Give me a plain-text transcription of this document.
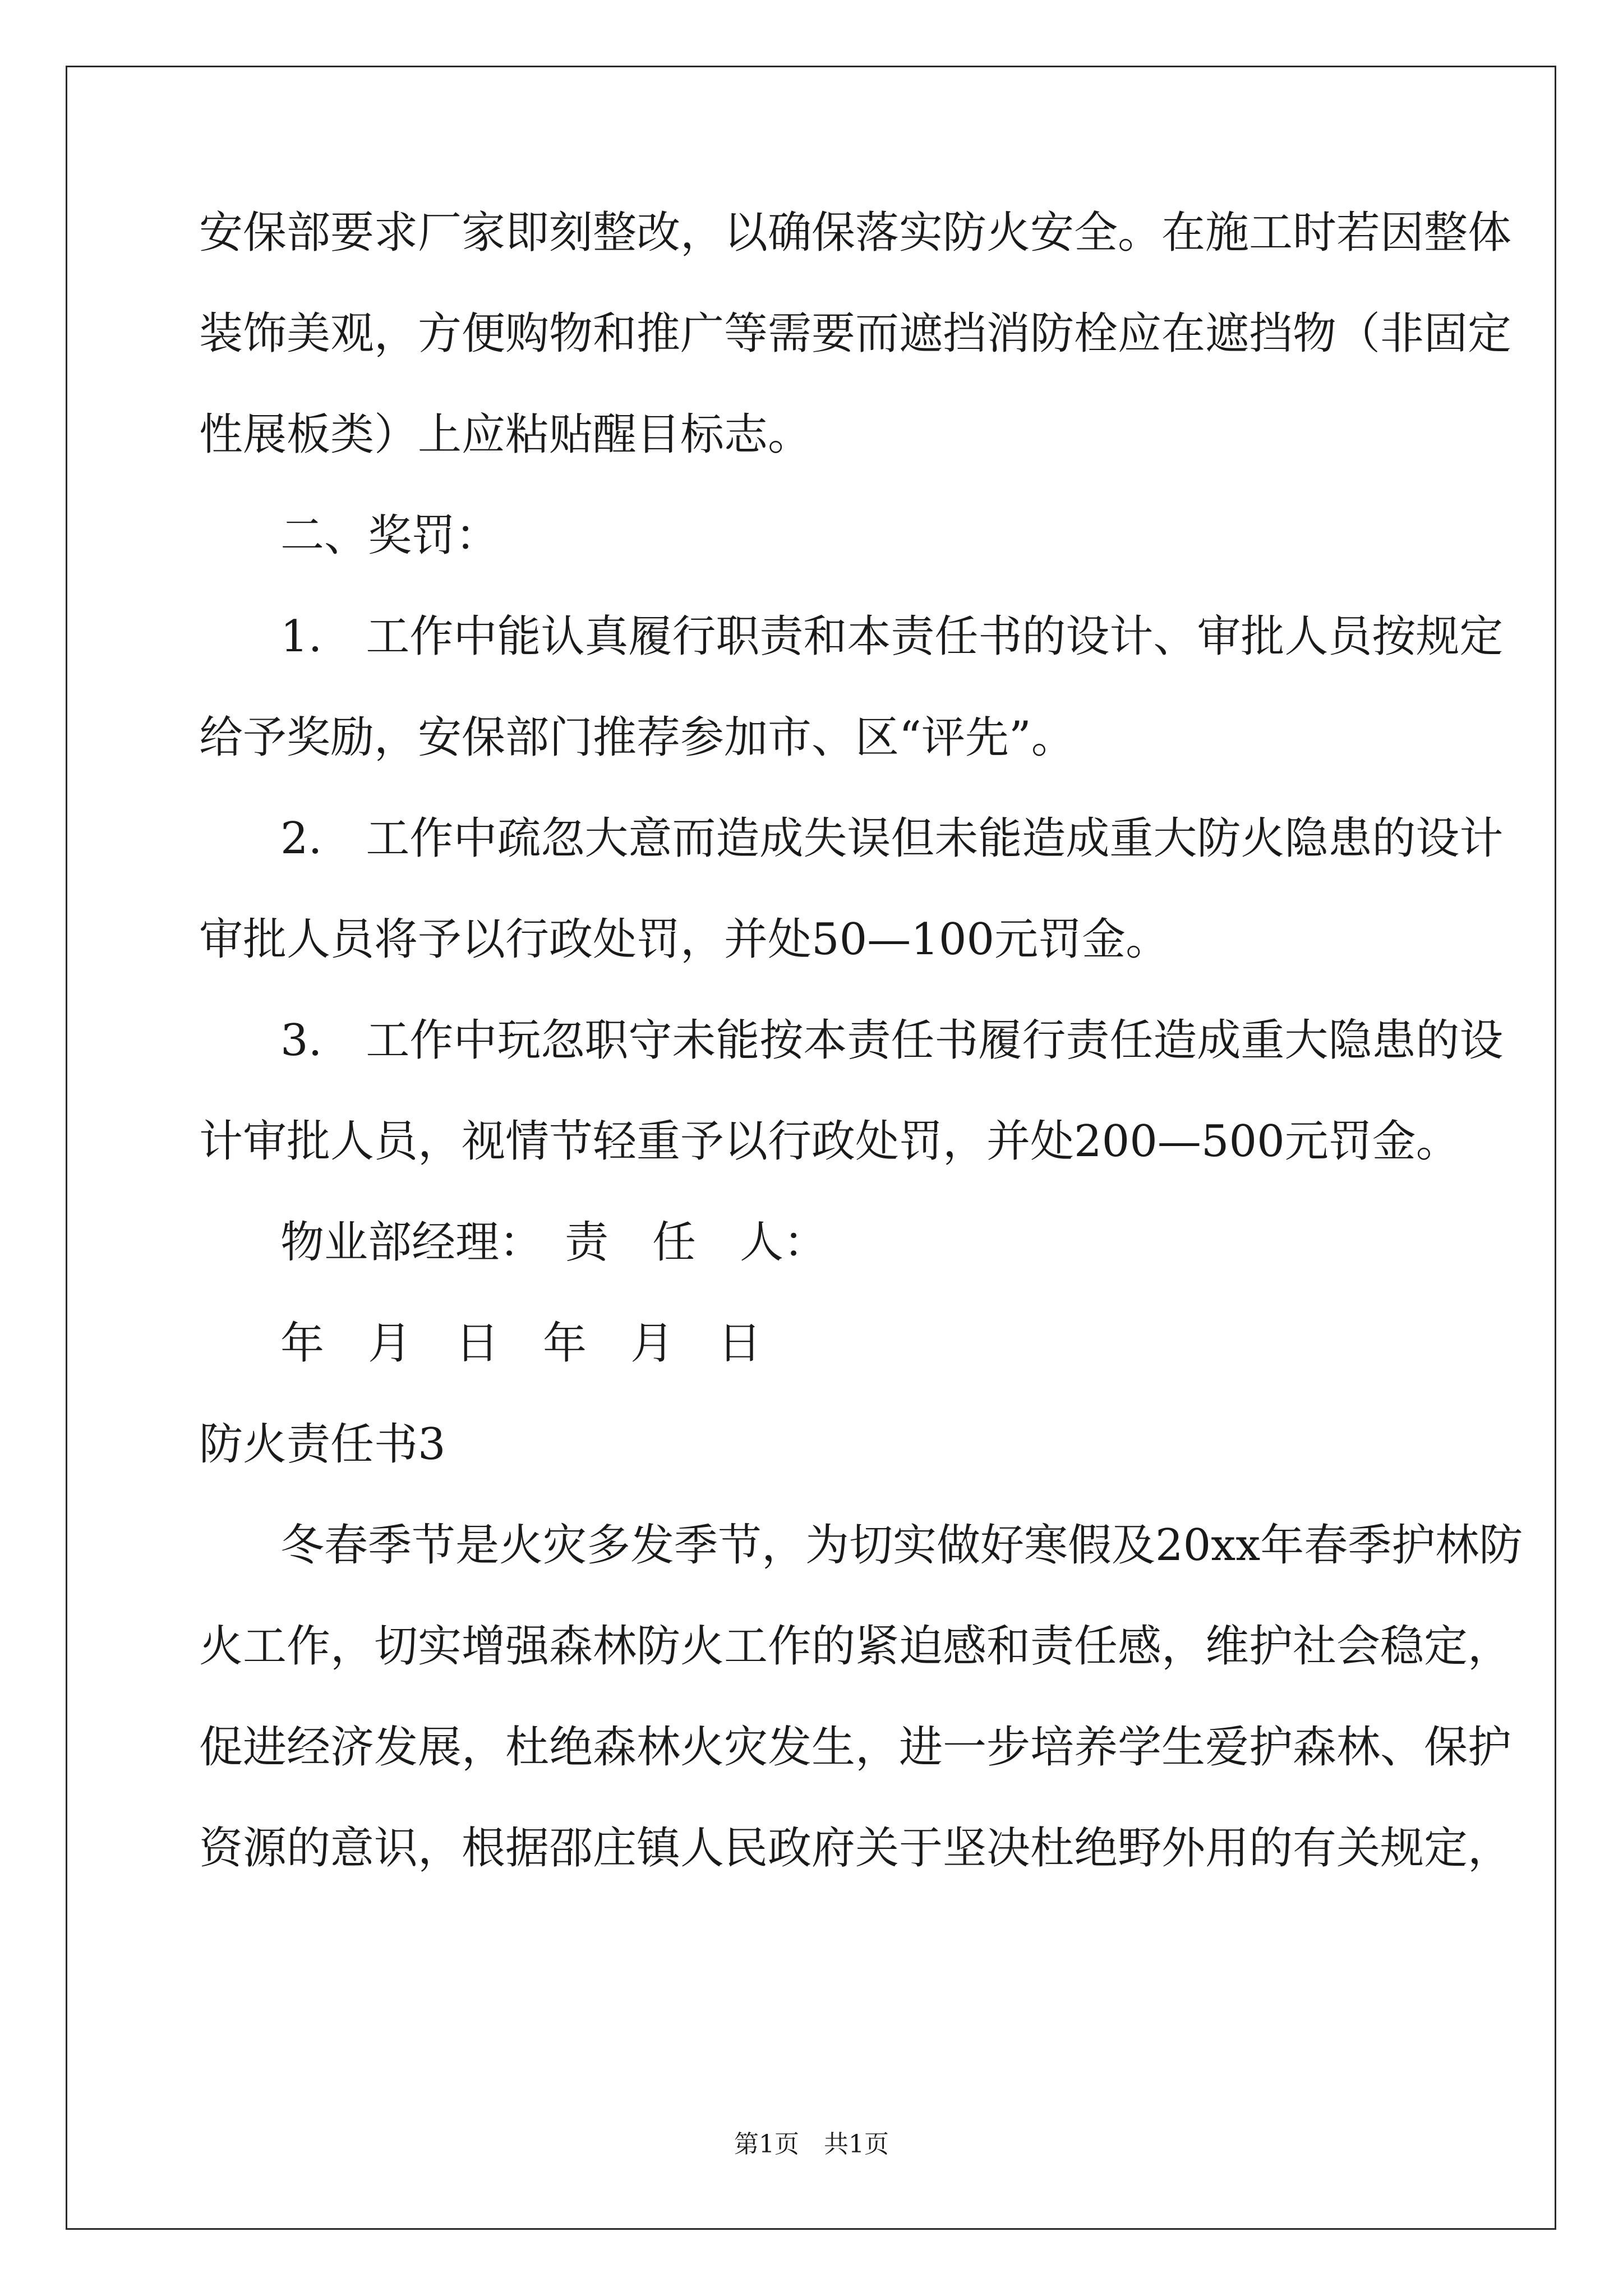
安保部要求厂家即刻整改，以确保落实防火安全。在施工时若因整体

装饰美观，方便购物和推广等需要而遮挡消防栓应在遮挡物（非固定

性展板类）上应粘贴醒目标志。

二、奖罚：

1.　工作中能认真履行职责和本责任书的设计、审批人员按规定

给予奖励，安保部门推荐参加市、区“评先”。

2.　工作中疏忽大意而造成失误但未能造成重大防火隐患的设计

审批人员将予以行政处罚，并处50—100元罚金。

3.　工作中玩忽职守未能按本责任书履行责任造成重大隐患的设

计审批人员，视情节轻重予以行政处罚，并处200—500元罚金。

物业部经理：　责　任　人：

年　月　日　年　月　日

防火责任书3

冬春季节是火灾多发季节，为切实做好寒假及20xx年春季护林防

火工作，切实增强森林防火工作的紧迫感和责任感，维护社会稳定，

促进经济发展，杜绝森林火灾发生，进一步培养学生爱护森林、保护

资源的意识，根据邵庄镇人民政府关于坚决杜绝野外用的有关规定，

第1页　共1页
